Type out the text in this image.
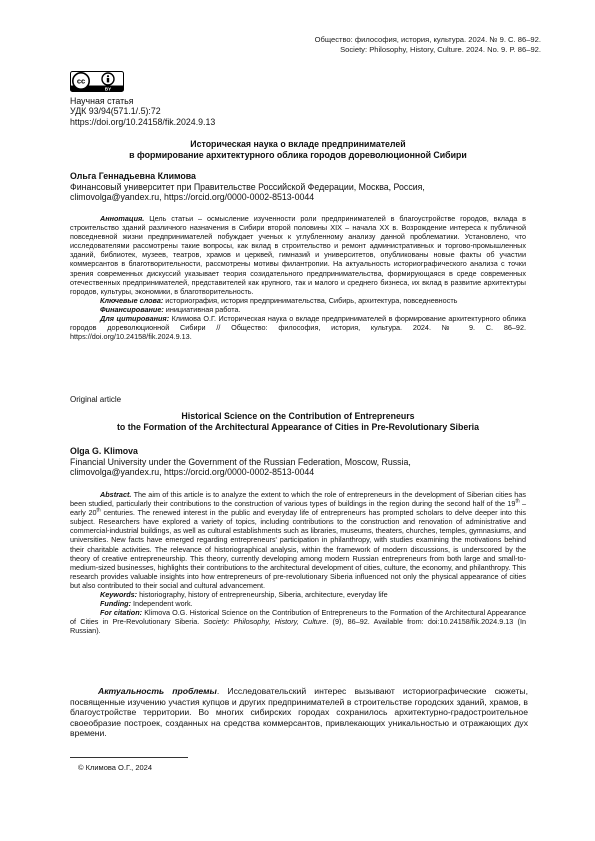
Общество: философия, история, культура. 2024. № 9. С. 86–92.
Society: Philosophy, History, Culture. 2024. No. 9. P. 86–92.
cc
BY
Научная статья
УДК 93/94(571.1/.5):72
https://doi.org/10.24158/fik.2024.9.13
Историческая наука о вкладе предпринимателей
в формирование архитектурного облика городов дореволюционной Сибири
Ольга Геннадьевна Климова
Финансовый университет при Правительстве Российской Федерации, Москва, Россия,
climovolga@yandex.ru, https://orcid.org/0000-0002-8513-0044

Аннотация. Цель статьи – осмысление изученности роли предпринимателей в благоустройстве городов, вклада в строительство зданий различного назначения в Сибири второй половины XIX – начала XX в. Возрождение интереса к публичной повседневной жизни предпринимателей побуждает ученых к углубленному анализу данной проблематики. Установлено, что исследователями рассмотрены такие вопросы, как вклад в строительство и ремонт административных и торгово-промышленных зданий, библиотек, музеев, театров, храмов и церквей, гимназий и университетов, опубликованы новые факты об участии коммерсантов в благотворительности, рассмотрены мотивы филантропии. На актуальность историографического анализа с точки зрения современных дискуссий указывает теория созидательного предпринимательства, формирующаяся в среде современных отечественных предпринимателей, представителей как крупного, так и малого и среднего бизнеса, их вклад в развитие архитектуры городов, культуры, экономики, в благотворительность.

Ключевые слова: историография, история предпринимательства, Сибирь, архитектура, повседневность

Финансирование: инициативная работа.

Для цитирования: Климова О.Г. Историческая наука о вкладе предпринимателей в формирование архитектурного облика городов дореволюционной Сибири // Общество: философия, история, культура. 2024. № 9. С. 86–92. https://doi.org/10.24158/fik.2024.9.13.

Original article
Historical Science on the Contribution of Entrepreneurs
to the Formation of the Architectural Appearance of Cities in Pre-Revolutionary Siberia
Olga G. Klimova
Financial University under the Government of the Russian Federation, Moscow, Russia,
climovolga@yandex.ru, https://orcid.org/0000-0002-8513-0044

Abstract. The aim of this article is to analyze the extent to which the role of entrepreneurs in the development of Siberian cities has been studied, particularly their contributions to the construction of various types of buildings in the region during the second half of the 19th – early 20th centuries. The renewed interest in the public and everyday life of entrepreneurs has prompted scholars to delve deeper into this subject. Researchers have explored a variety of topics, including contributions to the construction and renovation of administrative and commercial-industrial buildings, as well as cultural establishments such as libraries, museums, theaters, churches, temples, gymnasiums, and universities. New facts have emerged regarding entrepreneurs' participation in philanthropy, with studies examining the motivations behind their charitable activities. The relevance of historiographical analysis, within the framework of modern discussions, is underscored by the theory of creative entrepreneurship. This theory, currently developing among modern Russian entrepreneurs from both large and small-to-medium-sized businesses, highlights their contributions to the architectural development of cities, culture, the economy, and philanthropy. This research provides valuable insights into how entrepreneurs of pre-revolutionary Siberia influenced not only the physical appearance of cities but also contributed to their social and cultural advancement.

Keywords: historiography, history of entrepreneurship, Siberia, architecture, everyday life

Funding: Independent work.

For citation: Klimova O.G. Historical Science on the Contribution of Entrepreneurs to the Formation of the Architectural Appearance of Cities in Pre-Revolutionary Siberia. Society: Philosophy, History, Culture. (9), 86–92. Available from: doi:10.24158/fik.2024.9.13 (In Russian).

Актуальность проблемы. Исследовательский интерес вызывают историографические сюжеты, посвященные изучению участия купцов и других предпринимателей в строительстве городских зданий, храмов, в благоустройстве территории. Во многих сибирских городах сохранилось архитектурно-градостроительное своеобразие построек, созданных на средства коммерсантов, привлекающих уникальностью и отражающих дух времени.

© Климова О.Г., 2024
